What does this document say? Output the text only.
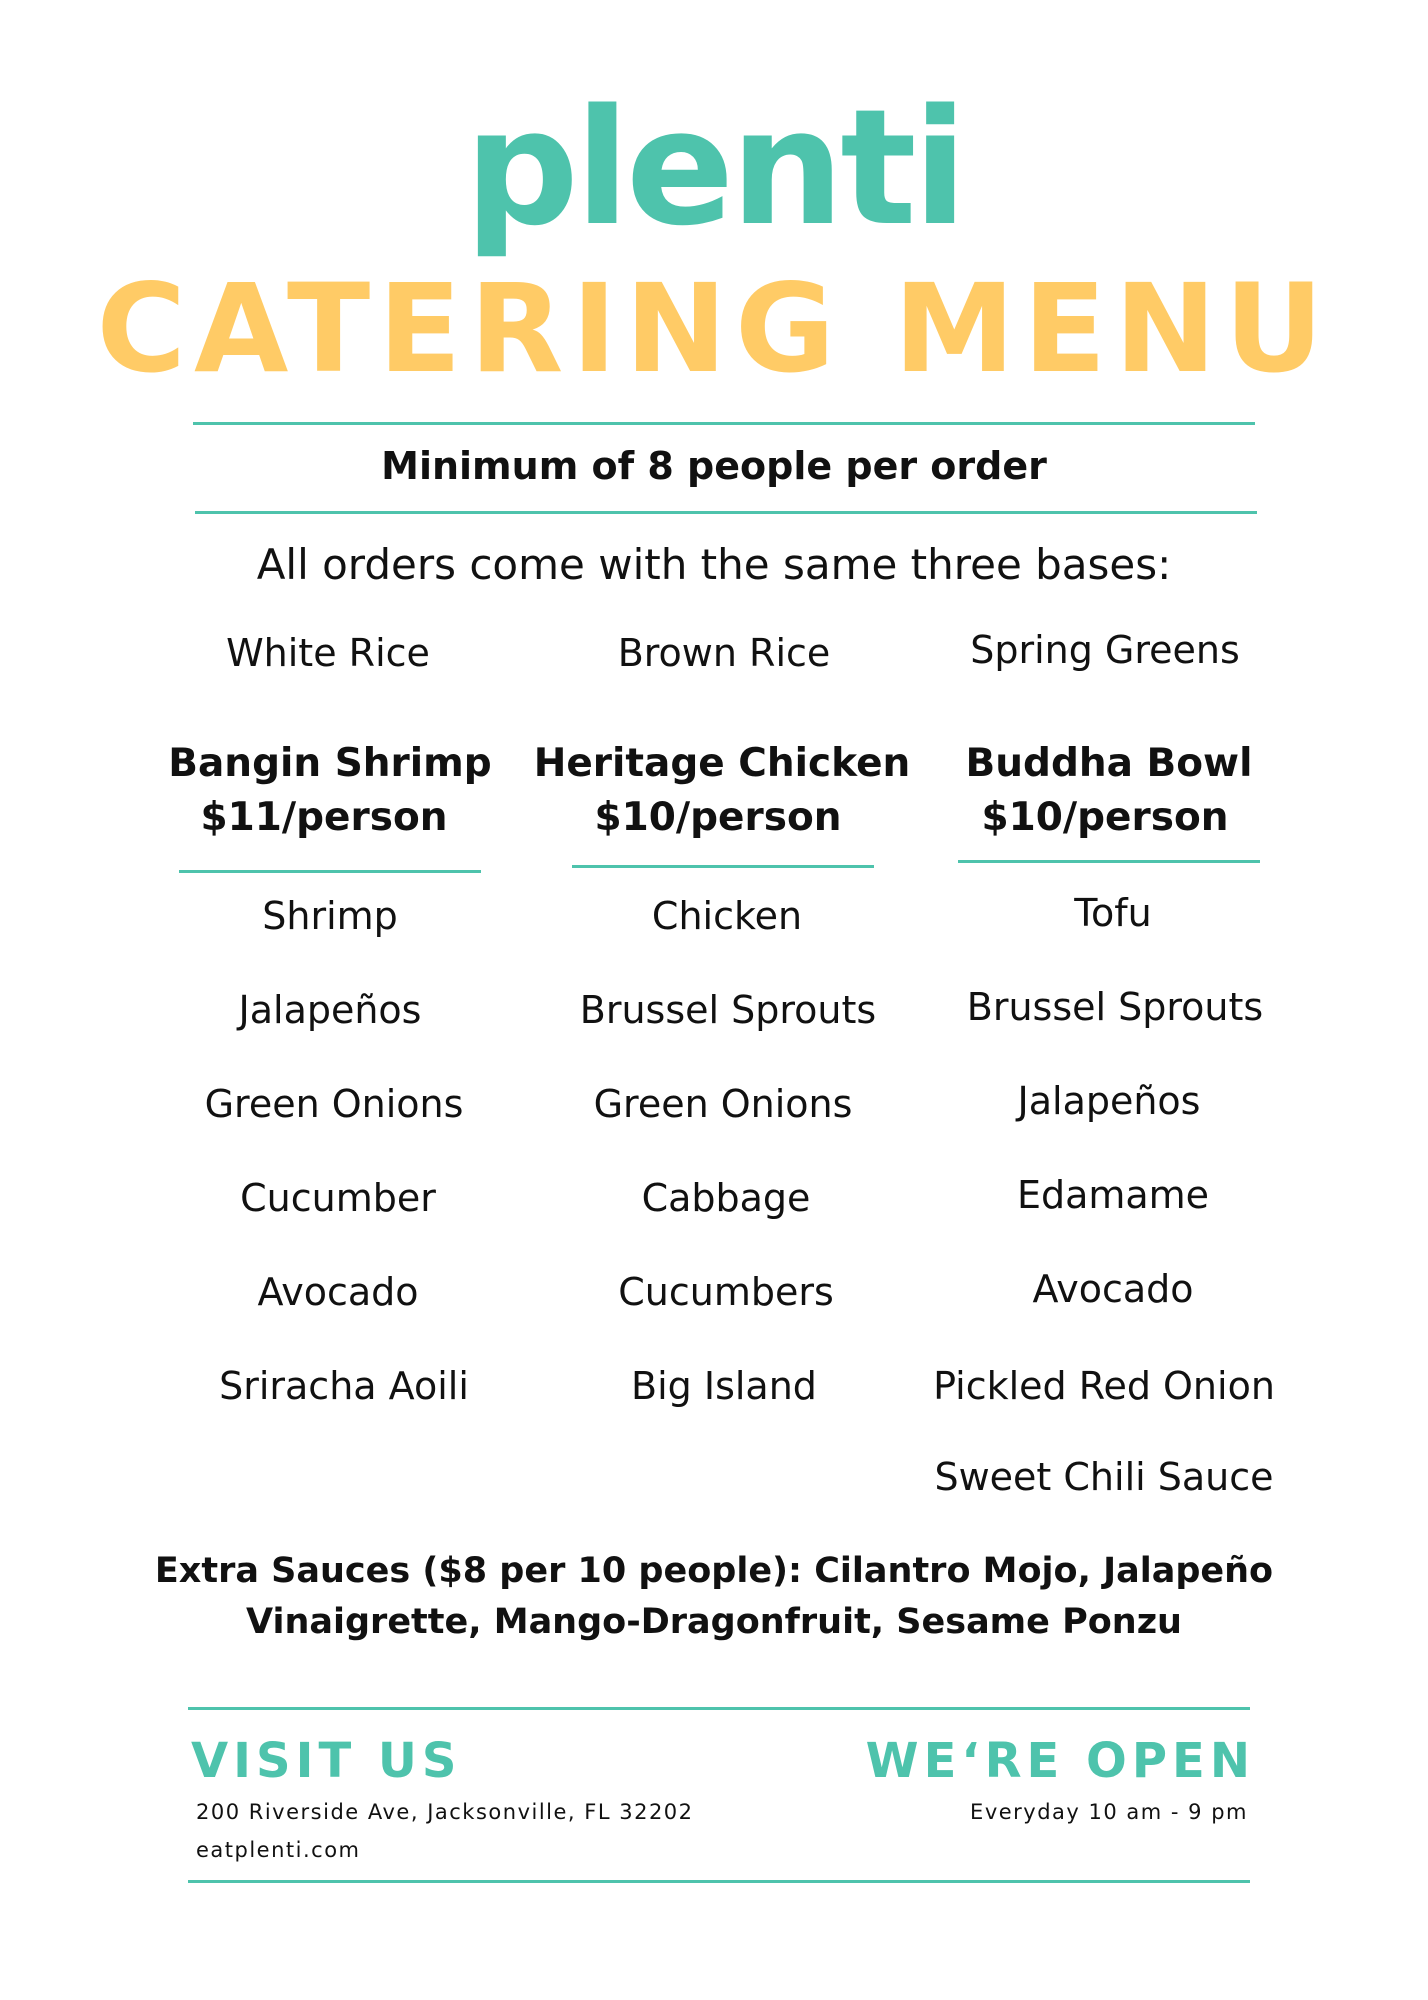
plenti
CATERING MENU
Minimum of 8 people per order
All orders come with the same three bases:
White Rice	Brown Rice	Spring Greens
Bangin Shrimp
$11/person
Shrimp
Jalapeños
Green Onions
Cucumber
Avocado
Sriracha Aoili
Heritage Chicken
$10/person
Chicken
Brussel Sprouts
Green Onions
Cabbage
Cucumbers
Big Island
Buddha Bowl
$10/person
Tofu
Brussel Sprouts
Jalapeños
Edamame
Avocado
Pickled Red Onion
Sweet Chili Sauce
Extra Sauces ($8 per 10 people): Cilantro Mojo, Jalapeño
Vinaigrette, Mango-Dragonfruit, Sesame Ponzu
VISIT US
200 Riverside Ave, Jacksonville, FL 32202
eatplenti.com
WE‘RE OPEN
Everyday 10 am - 9 pm
